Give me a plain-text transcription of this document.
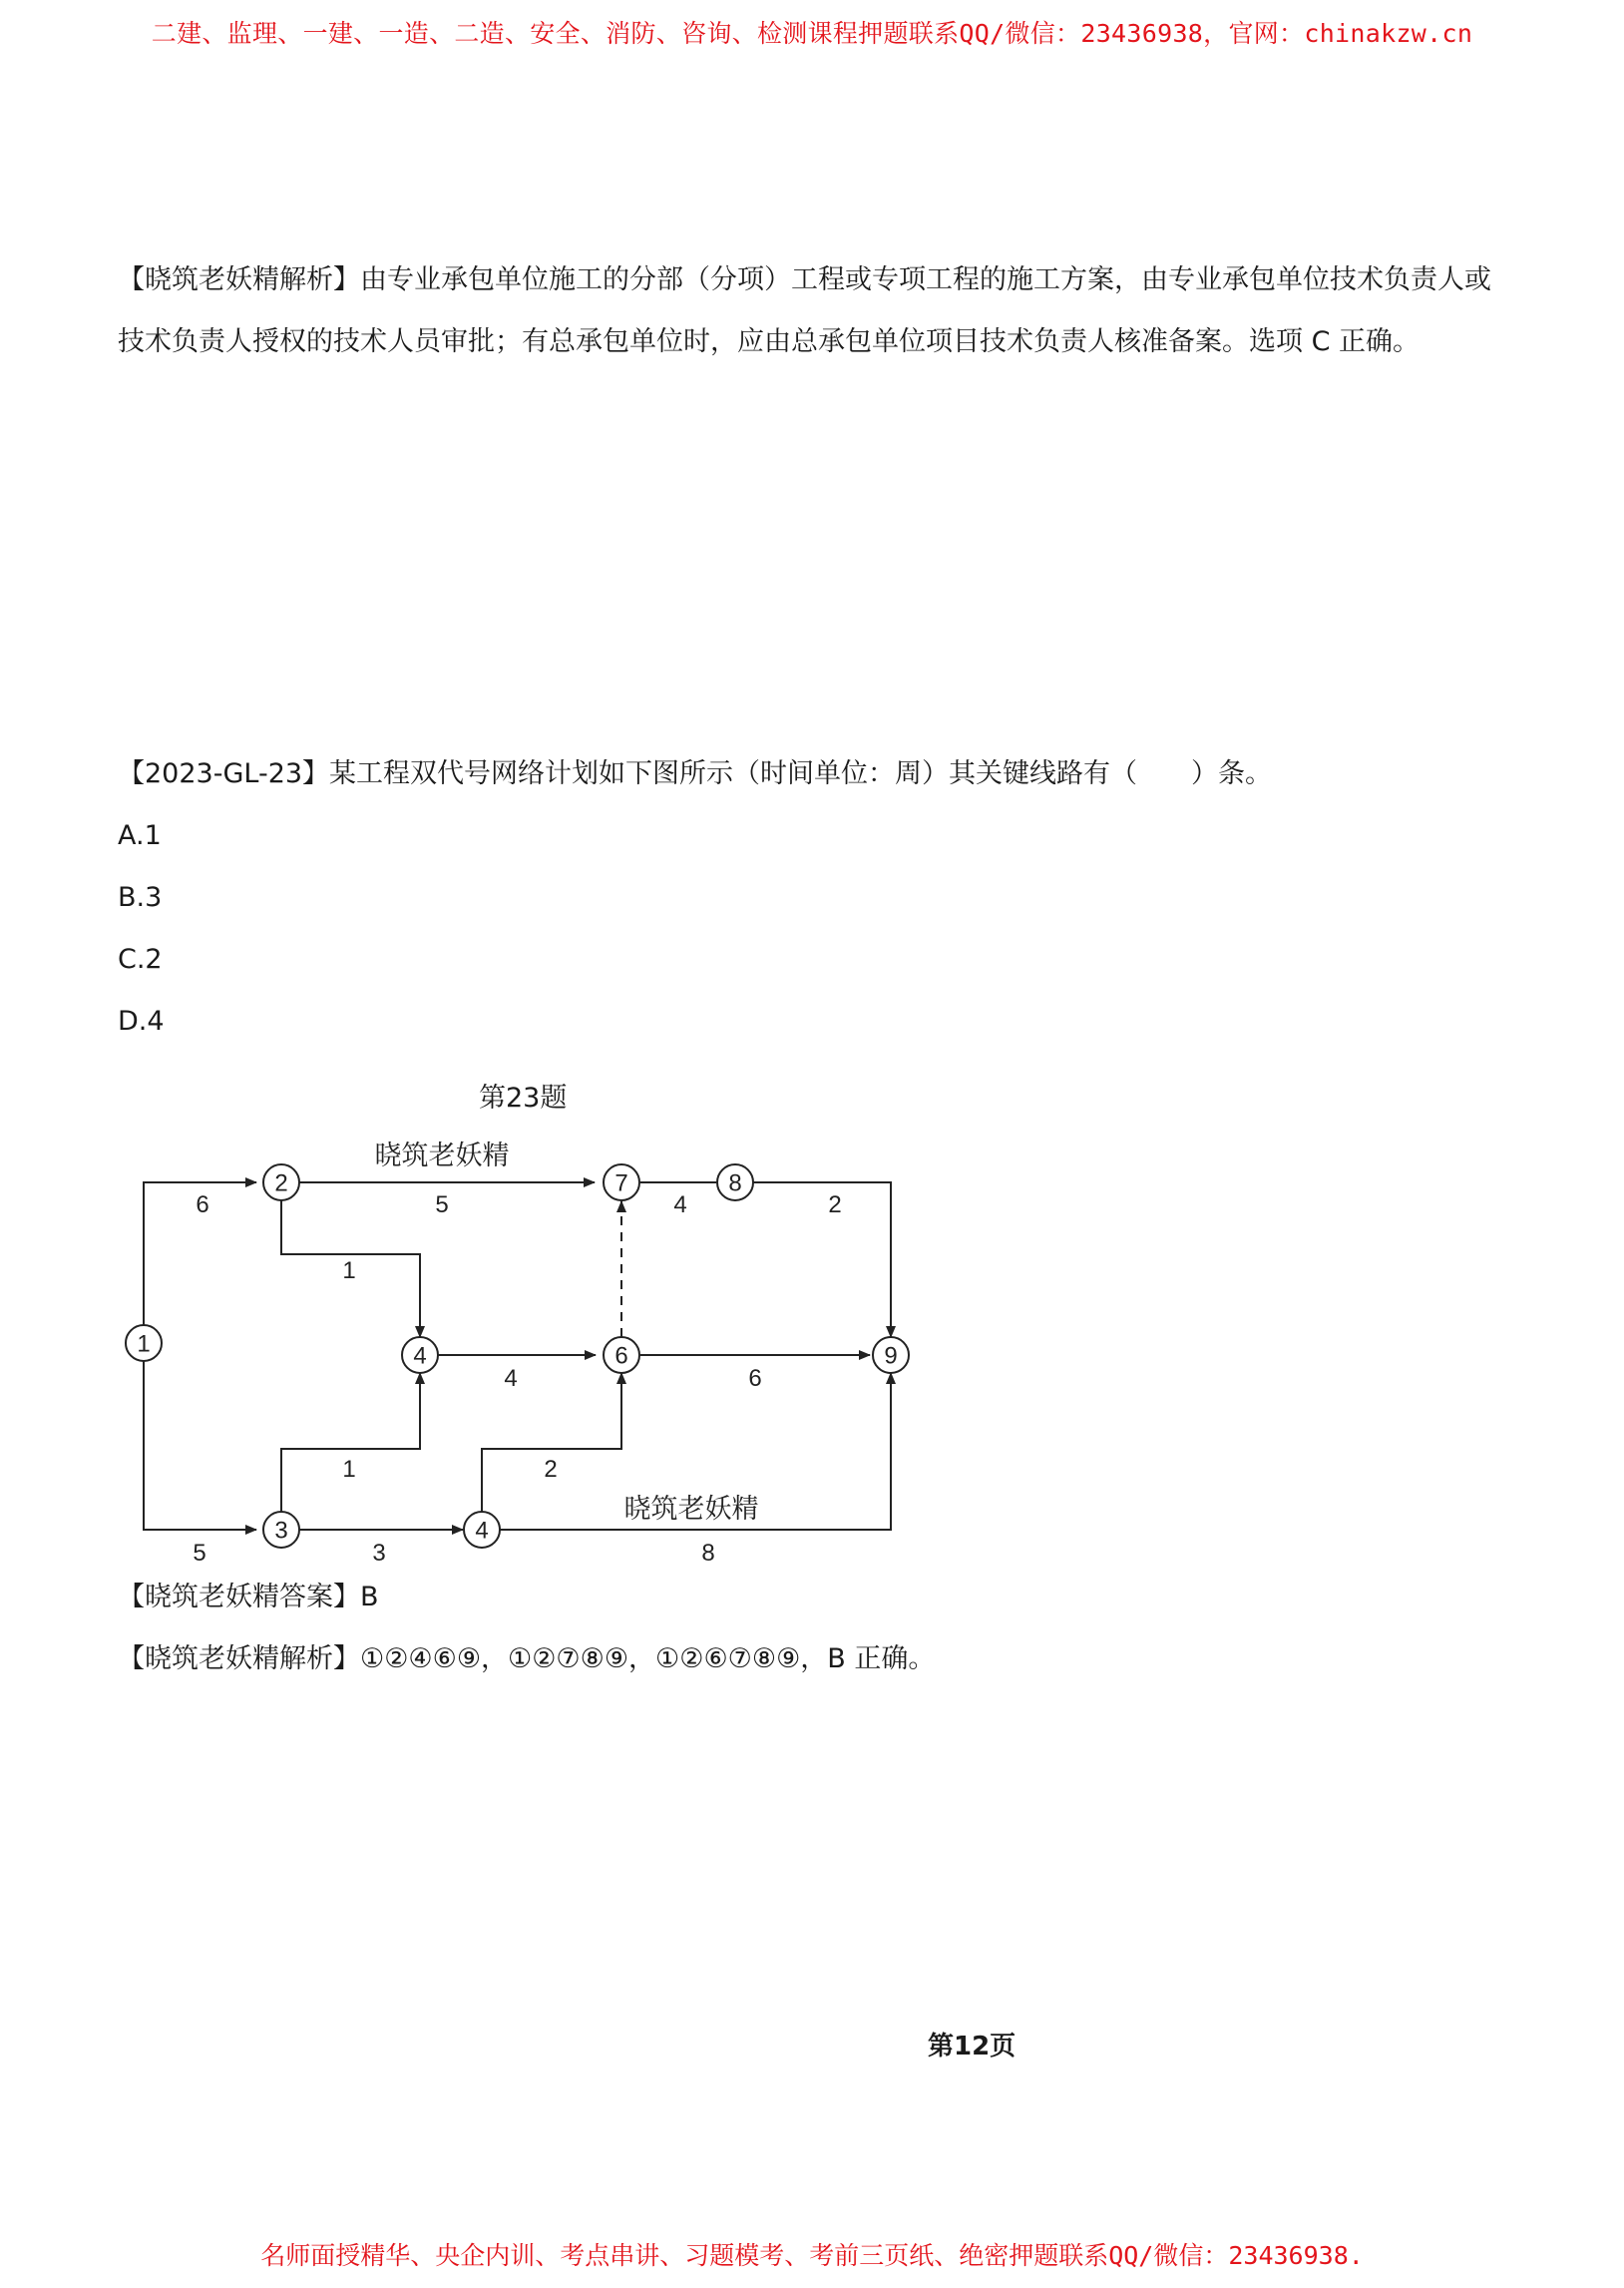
二建、监理、一建、一造、二造、安全、消防、咨询、检测课程押题联系QQ/微信：23436938，官网：chinakzw.cn
【晓筑老妖精解析】由专业承包单位施工的分部（分项）工程或专项工程的施工方案，由专业承包单位技术负责人或技术负责人授权的技术人员审批；有总承包单位时，应由总承包单位项目技术负责人核准备案。选项 C 正确。
【2023-GL-23】某工程双代号网络计划如下图所示（时间单位：周）其关键线路有（　　）条。
A.1
B.3
C.2
D.4
第23题
1
2
3
4
4
6
7	8
9
6
5
5
1
1
3
4
2
6
4	2
8
晓筑老妖精
晓筑老妖精
【晓筑老妖精答案】B
【晓筑老妖精解析】①②④⑥⑨，①②⑦⑧⑨，①②⑥⑦⑧⑨，B 正确。
第12页
名师面授精华、央企内训、考点串讲、习题模考、考前三页纸、绝密押题联系QQ/微信：23436938.
